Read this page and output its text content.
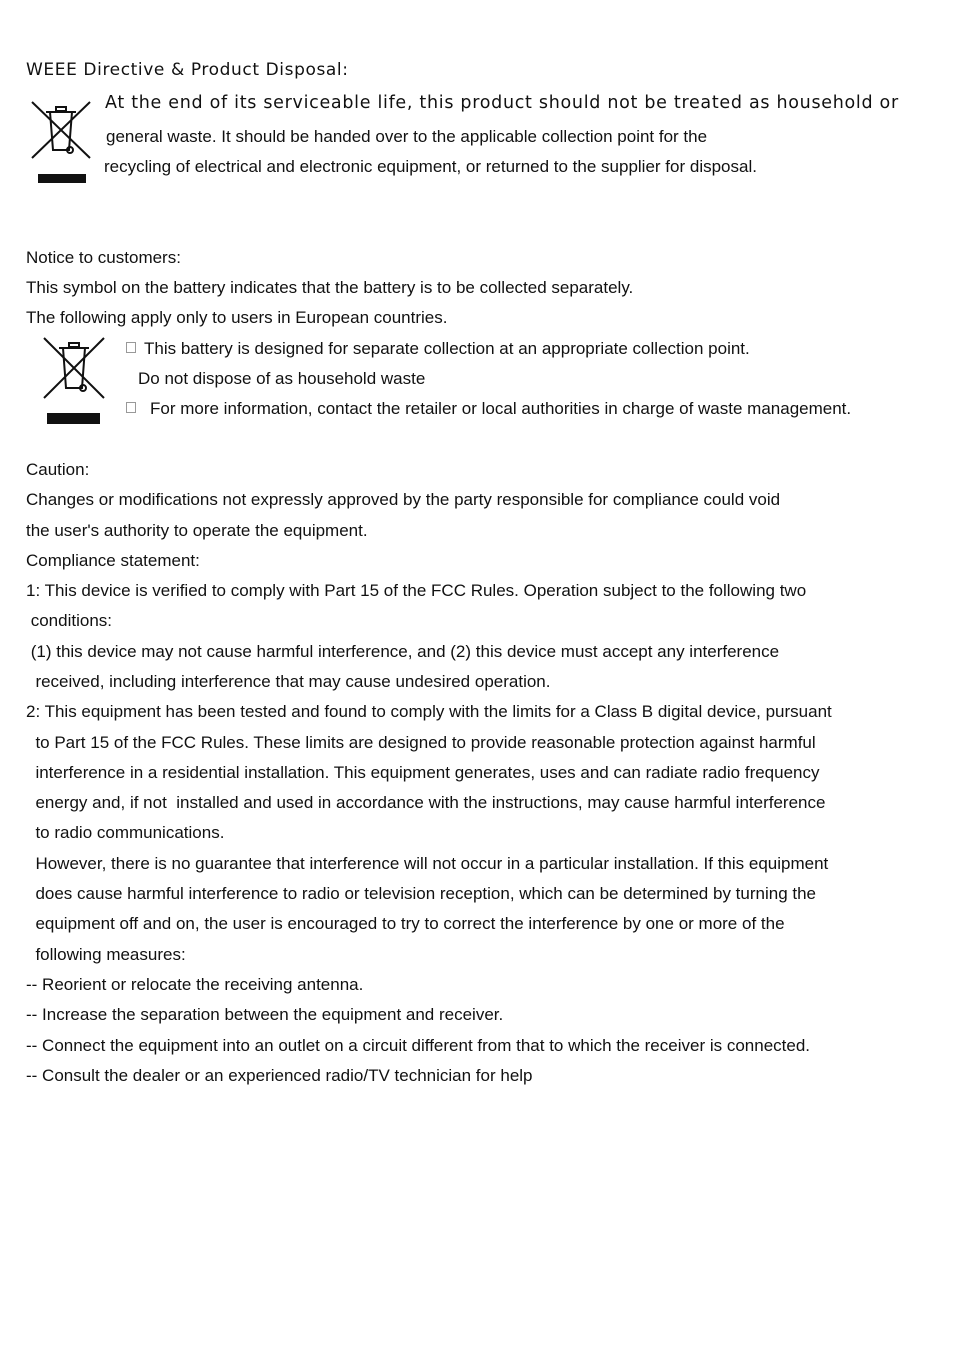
WEEE Directive & Product Disposal:
At the end of its serviceable life, this product should not be treated as household or
general waste. It should be handed over to the applicable collection point for the
recycling of electrical and electronic equipment, or returned to the supplier for disposal.
Notice to customers:
This symbol on the battery indicates that the battery is to be collected separately.
The following apply only to users in European countries.
This battery is designed for separate collection at an appropriate collection point.
Do not dispose of as household waste
For more information, contact the retailer or local authorities in charge of waste management.
Caution:
Changes or modifications not expressly approved by the party responsible for compliance could void
the user's authority to operate the equipment.
Compliance statement:
1: This device is verified to comply with Part 15 of the FCC Rules. Operation subject to the following two
conditions:
(1) this device may not cause harmful interference, and (2) this device must accept any interference
received, including interference that may cause undesired operation.
2: This equipment has been tested and found to comply with the limits for a Class B digital device, pursuant
to Part 15 of the FCC Rules. These limits are designed to provide reasonable protection against harmful
interference in a residential installation. This equipment generates, uses and can radiate radio frequency
energy and, if not  installed and used in accordance with the instructions, may cause harmful interference
to radio communications.
However, there is no guarantee that interference will not occur in a particular installation. If this equipment
does cause harmful interference to radio or television reception, which can be determined by turning the
equipment off and on, the user is encouraged to try to correct the interference by one or more of the
following measures:
-- Reorient or relocate the receiving antenna.
-- Increase the separation between the equipment and receiver.
-- Connect the equipment into an outlet on a circuit different from that to which the receiver is connected.
-- Consult the dealer or an experienced radio/TV technician for help
